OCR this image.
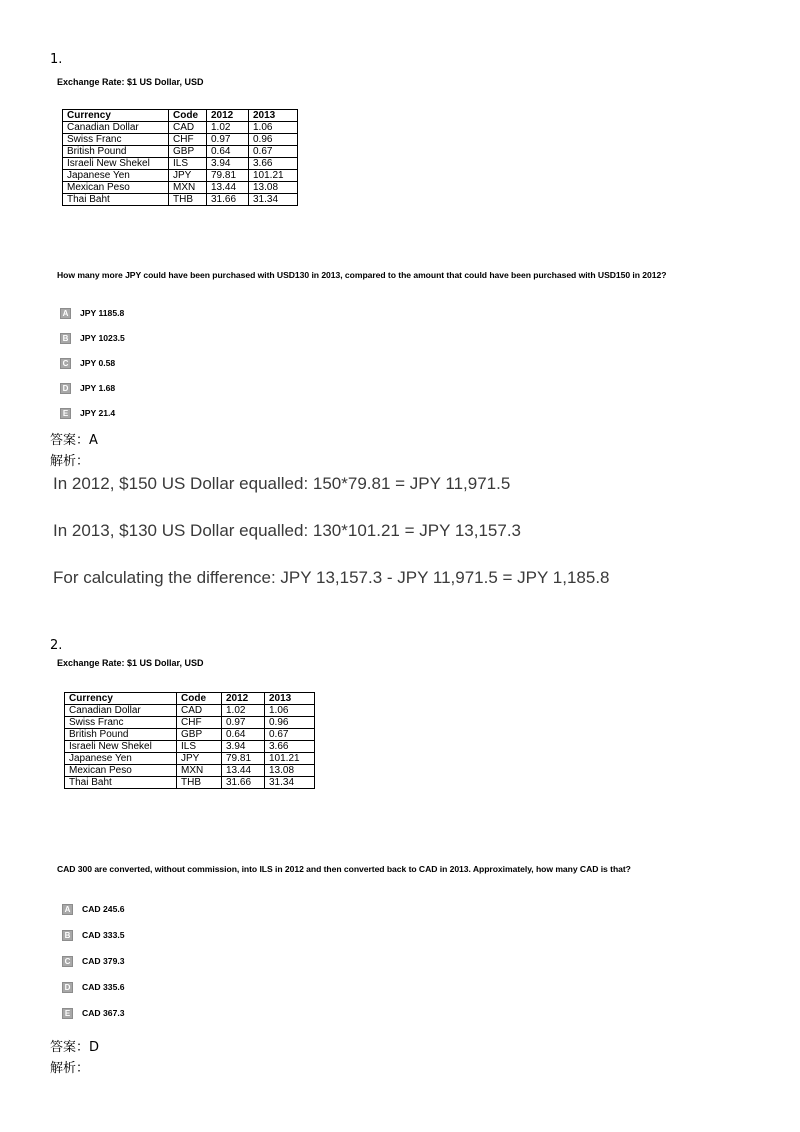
1.
Exchange Rate: $1 US Dollar, USD
Currency	Code	2012	2013
Canadian Dollar	CAD	1.02	1.06
Swiss Franc	CHF	0.97	0.96
British Pound	GBP	0.64	0.67
Israeli New Shekel	ILS	3.94	3.66
Japanese Yen	JPY	79.81	101.21
Mexican Peso	MXN	13.44	13.08
Thai Baht	THB	31.66	31.34
How many more JPY could have been purchased with USD130 in 2013, compared to the amount that could have been purchased with USD150 in 2012?
A	JPY 1185.8
B	JPY 1023.5
C	JPY 0.58
D	JPY 1.68
E	JPY 21.4
答案：A
解析：
In 2012, $150 US Dollar equalled: 150*79.81 = JPY 11,971.5
In 2013, $130 US Dollar equalled: 130*101.21 = JPY 13,157.3
For calculating the difference: JPY 13,157.3 - JPY 11,971.5 = JPY 1,185.8
2.
Exchange Rate: $1 US Dollar, USD
Currency	Code	2012	2013
Canadian Dollar	CAD	1.02	1.06
Swiss Franc	CHF	0.97	0.96
British Pound	GBP	0.64	0.67
Israeli New Shekel	ILS	3.94	3.66
Japanese Yen	JPY	79.81	101.21
Mexican Peso	MXN	13.44	13.08
Thai Baht	THB	31.66	31.34
CAD 300 are converted, without commission, into ILS in 2012 and then converted back to CAD in 2013. Approximately, how many CAD is that?
A	CAD 245.6
B	CAD 333.5
C	CAD 379.3
D	CAD 335.6
E	CAD 367.3
答案：D
解析：
